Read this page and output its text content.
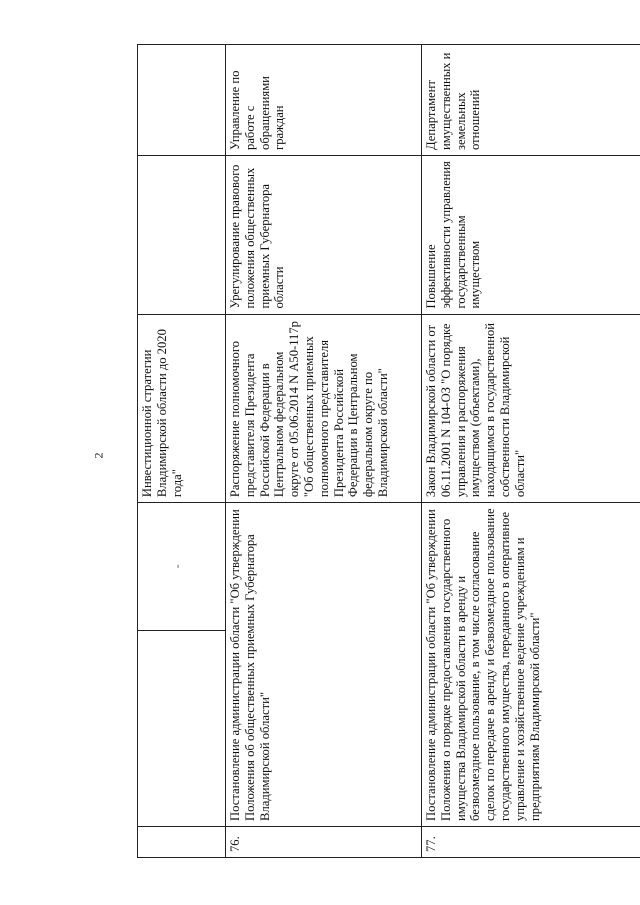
2

		-	Инвестиционной стратегии Владимирской области до 2020 года"		
76.	Постановление администрации области "Об утверждении Положения об общественных приемных Губернатора Владимирской области"		Распоряжение полномочного представителя Президента Российской Федерации в Центральном федеральном округе от 05.06.2014 N А50-117р "Об общественных приемных полномочного представителя Президента Российской Федерации в Центральном федеральном округе по Владимирской области"	Урегулирование правового положения общественных приемных Губернатора области	Управление по работе с обращениями граждан
77.	Постановление администрации области "Об утверждении Положения о порядке предоставления государственного имущества Владимирской области в аренду и безвозмездное пользование, в том числе согласование сделок по передаче в аренду и безвозмездное пользование государственного имущества, переданного в оперативное управление и хозяйственное ведение учреждениям и предприятиям Владимирской области"		Закон Владимирской области от 06.11.2001 N 104-ОЗ "О порядке управления и распоряжения имуществом (объектами), находящимся в государственной собственности Владимирской области"	Повышение эффективности управления государственным имуществом	Департамент имущественных и земельных отношений
